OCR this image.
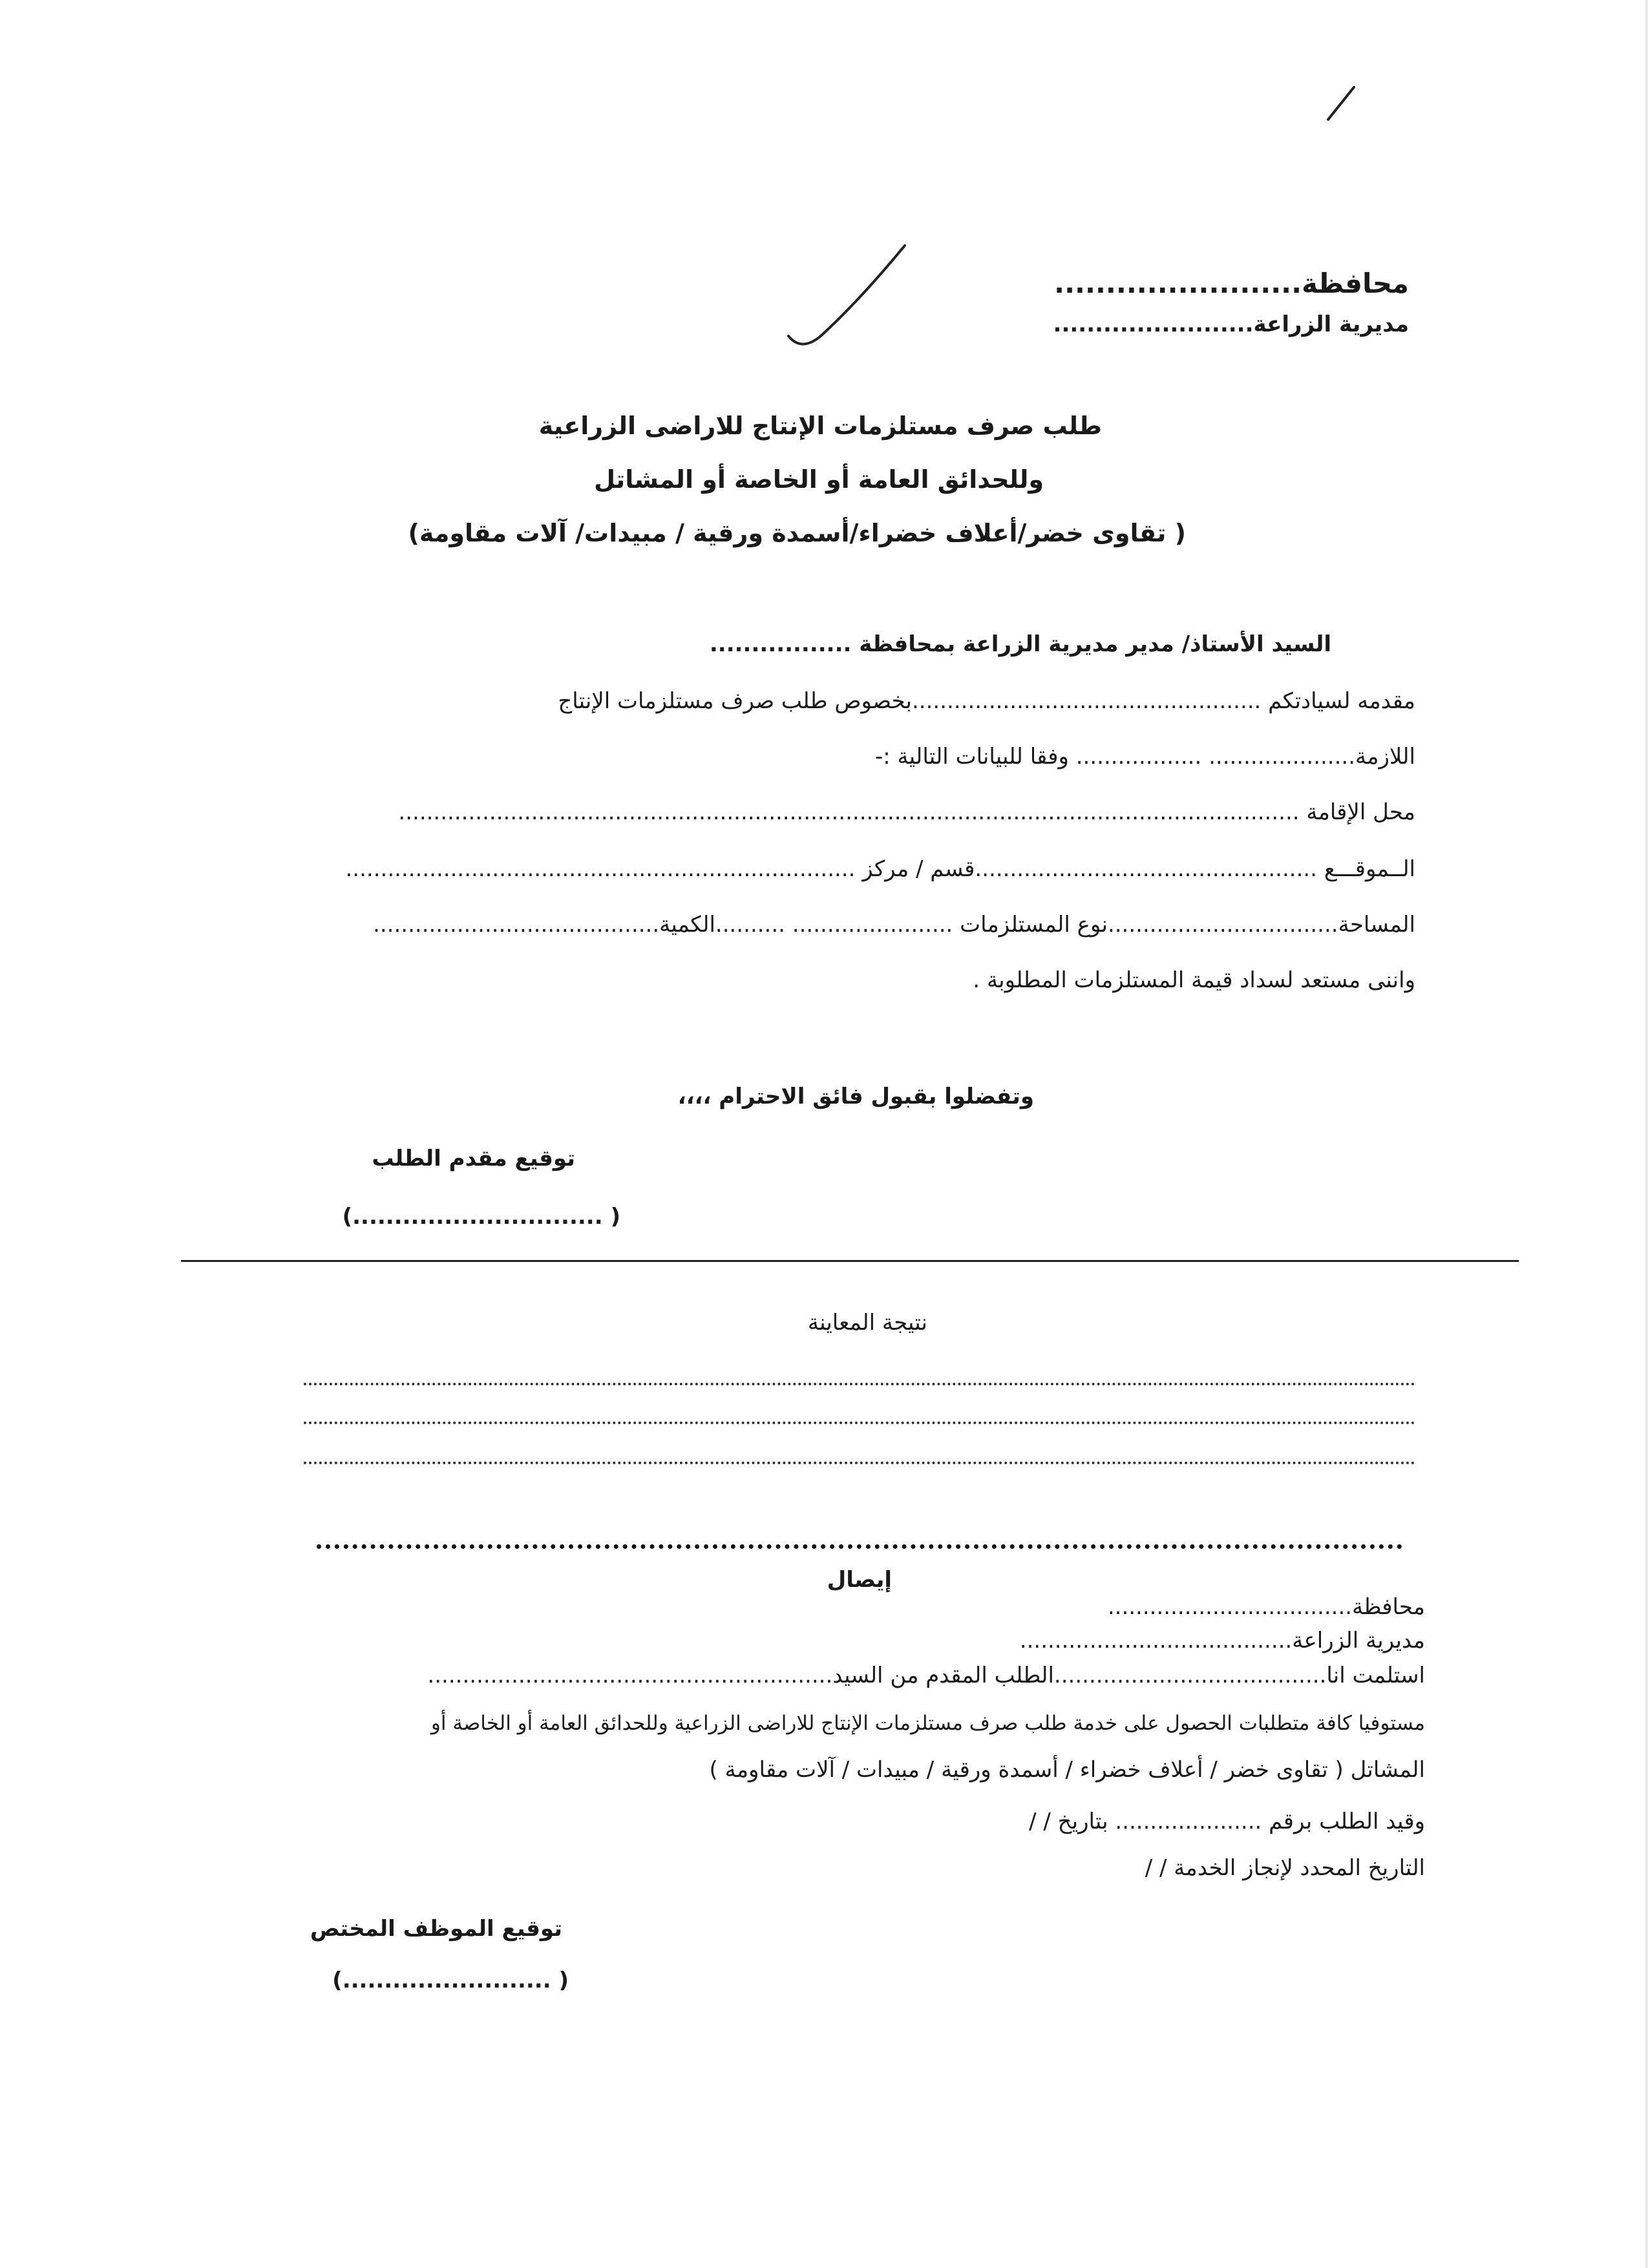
محافظة........................
مديرية الزراعة........................
طلب صرف مستلزمات الإنتاج للاراضى الزراعية
وللحدائق العامة أو الخاصة أو المشاتل
( تقاوى خضر/أعلاف خضراء/أسمدة ورقية / مبيدات/ آلات مقاومة)
السيد الأستاذ/ مدير مديرية الزراعة بمحافظة .................
مقدمه لسيادتكم ..................................................بخصوص طلب صرف مستلزمات الإنتاج
اللازمة..................... .................. وفقا للبيانات التالية :-
محل الإقامة .................................................................................................................................
الــموقـــع .................................................قسم / مركز .........................................................................
المساحة.................................نوع المستلزمات ....................... ..........الكمية.........................................
واننى مستعد لسداد قيمة المستلزمات المطلوبة .
وتفضلوا بقبول فائق الاحترام ،،،،
توقيع مقدم الطلب
( ..............................)
نتيجة المعاينة
إيصال
محافظة...................................
مديرية الزراعة.......................................
استلمت انا.......................................الطلب المقدم من السيد..........................................................
مستوفيا كافة متطلبات الحصول على خدمة طلب صرف مستلزمات الإنتاج للاراضى الزراعية وللحدائق العامة أو الخاصة أو
المشاتل ( تقاوى خضر / أعلاف خضراء / أسمدة ورقية / مبيدات / آلات مقاومة )
وقيد الطلب برقم ..................... بتاريخ / /
التاريخ المحدد لإنجاز الخدمة / /
توقيع الموظف المختص
( .........................)
